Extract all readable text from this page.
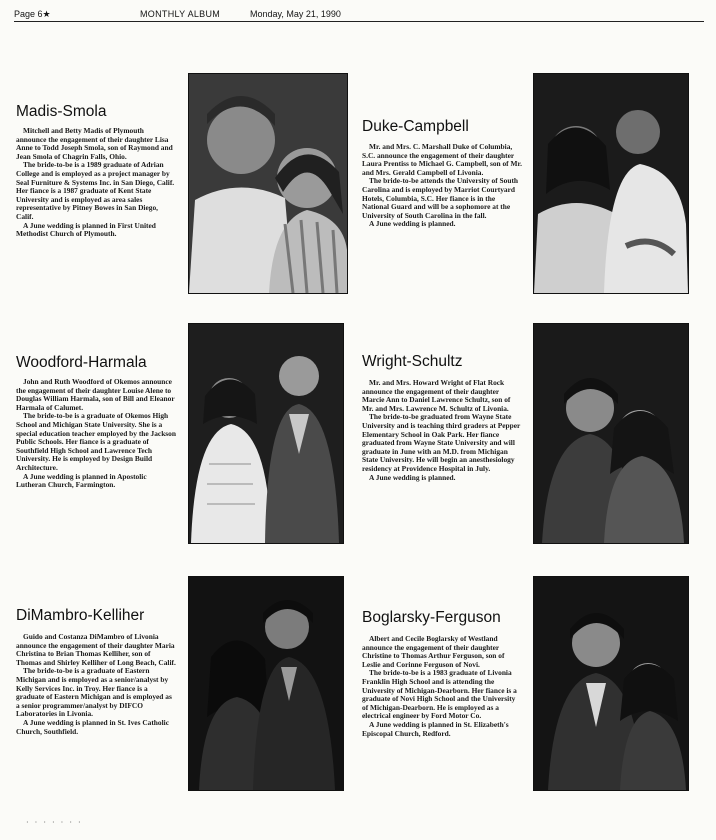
Page 6★	MONTHLY ALBUM	Monday, May 21, 1990
Madis-Smola

Mitchell and Betty Madis of Plymouth announce the engagement of their daughter Lisa Anne to Todd Joseph Smola, son of Raymond and Jean Smola of Chagrin Falls, Ohio.

The bride-to-be is a 1989 graduate of Adrian College and is employed as a project manager by Seal Furniture & Systems Inc. in San Diego, Calif. Her fiance is a 1987 graduate of Kent State University and is employed as area sales representative by Pitney Bowes in San Diego, Calif.

A June wedding is planned in First United Methodist Church of Plymouth.

Duke-Campbell

Mr. and Mrs. C. Marshall Duke of Columbia, S.C. announce the engagement of their daughter Laura Prentiss to Michael G. Campbell, son of Mr. and Mrs. Gerald Campbell of Livonia.

The bride-to-be attends the University of South Carolina and is employed by Marriot Courtyard Hotels, Columbia, S.C. Her fiance is in the National Guard and will be a sophomore at the University of South Carolina in the fall.

A June wedding is planned.

Woodford-Harmala

John and Ruth Woodford of Okemos announce the engagement of their daughter Louise Alene to Douglas William Harmala, son of Bill and Eleanor Harmala of Calumet.

The bride-to-be is a graduate of Okemos High School and Michigan State University. She is a special education teacher employed by the Jackson Public Schools. Her fiance is a graduate of Southfield High School and Lawrence Tech University. He is employed by Design Build Architecture.

A June wedding is planned in Apostolic Lutheran Church, Farmington.

Wright-Schultz

Mr. and Mrs. Howard Wright of Flat Rock announce the engagement of their daughter Marcie Ann to Daniel Lawrence Schultz, son of Mr. and Mrs. Lawrence M. Schultz of Livonia.

The bride-to-be graduated from Wayne State University and is teaching third graders at Pepper Elementary School in Oak Park. Her fiance graduated from Wayne State University and will graduate in June with an M.D. from Michigan State University. He will begin an anesthesiology residency at Providence Hospital in July.

A June wedding is planned.

DiMambro-Kelliher

Guido and Costanza DiMambro of Livonia announce the engagement of their daughter Maria Christina to Brian Thomas Kelliher, son of Thomas and Shirley Kelliher of Long Beach, Calif.

The bride-to-be is a graduate of Eastern Michigan and is employed as a senior/analyst by Kelly Services Inc. in Troy. Her fiance is a graduate of Eastern Michigan and is employed as a senior programmer/analyst by DIFCO Laboratories in Livonia.

A June wedding is planned in St. Ives Catholic Church, Southfield.

Boglarsky-Ferguson

Albert and Cecile Boglarsky of Westland announce the engagement of their daughter Christine to Thomas Arthur Ferguson, son of Leslie and Corinne Ferguson of Novi.

The bride-to-be is a 1983 graduate of Livonia Franklin High School and is attending the University of Michigan-Dearborn. Her fiance is a graduate of Novi High School and the University of Michigan-Dearborn. He is employed as a electrical engineer by Ford Motor Co.

A June wedding is planned in St. Elizabeth's Episcopal Church, Redford.

· · · · · · ·
